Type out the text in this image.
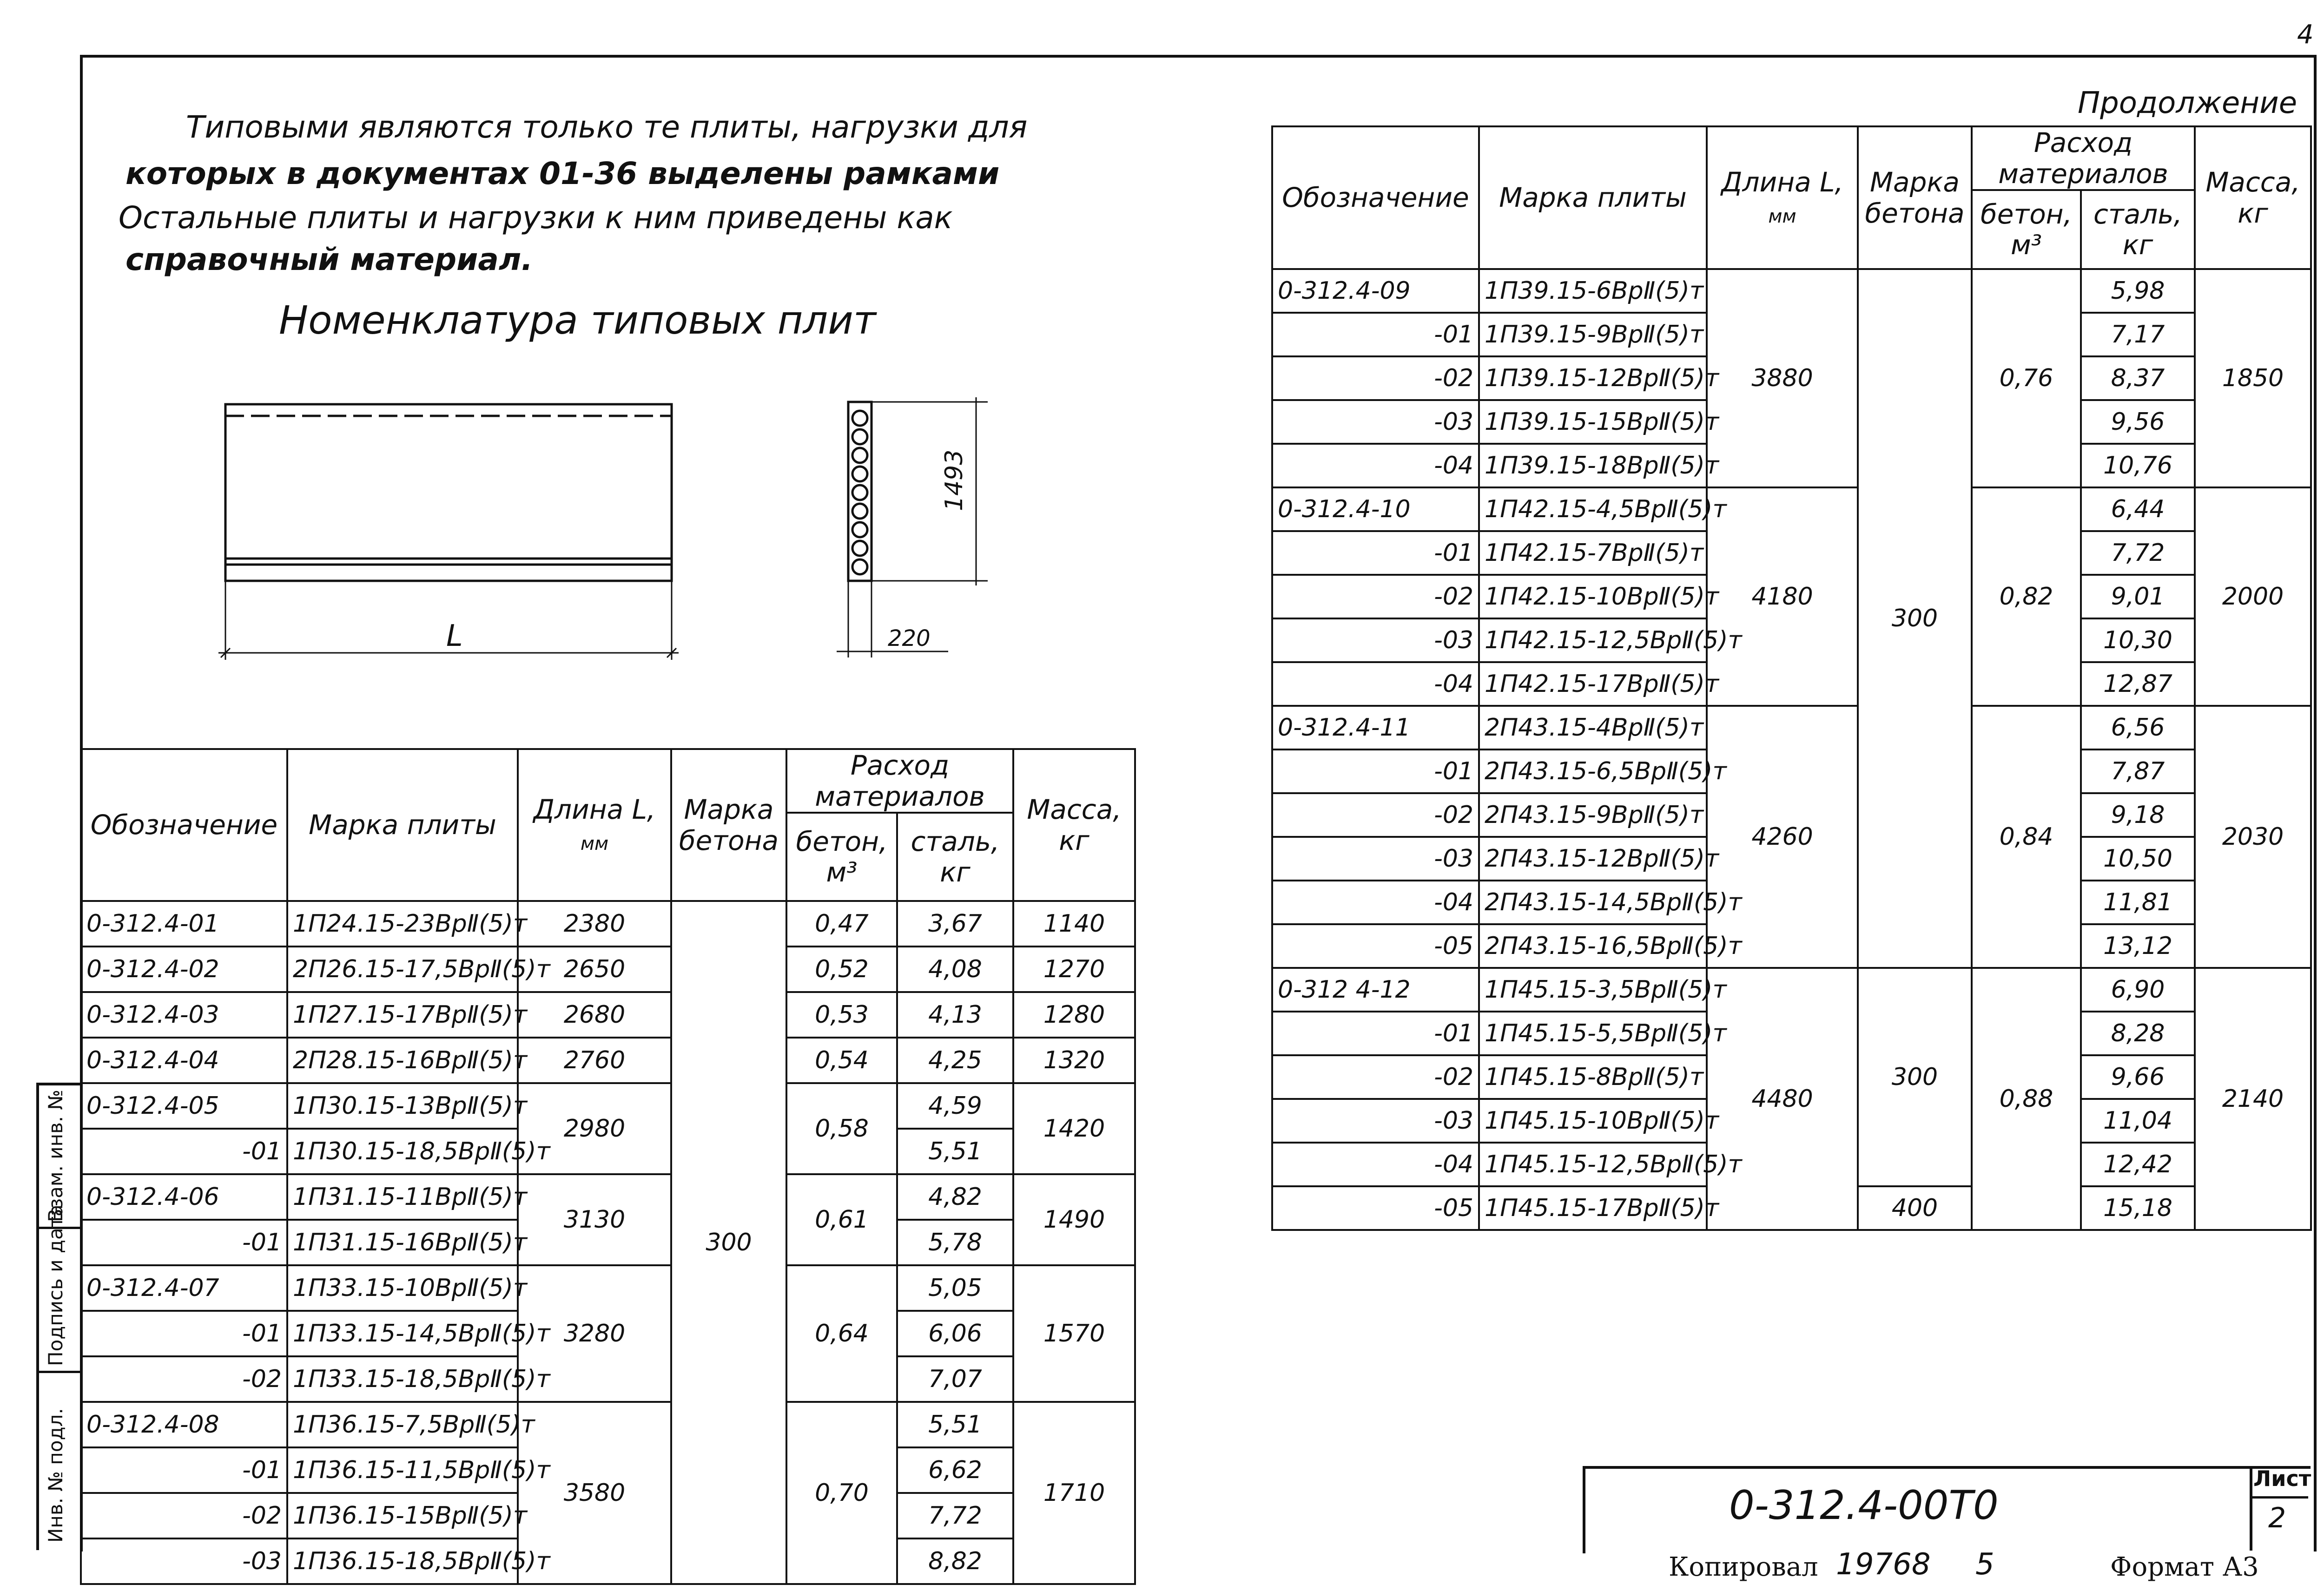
4
Типовыми являются только те плиты, нагрузки для
которых в документах 01-36 выделены рамками
Остальные плиты и нагрузки к ним приведены как
справочный материал.
Номенклатура типовых плит
L
1493
220
Обозначение	Марка плиты	Длина L,
мм	Марка бетона	Расход материалов		Масса, кг
				бетон, м³	сталь, кг	
0-312.4-01	1П24.15-23ВрⅡ(5)т	2380	300	0,47	3,67	1140
0-312.4-02	2П26.15-17,5ВрⅡ(5)т	2650		0,52	4,08	1270
0-312.4-03	1П27.15-17ВрⅡ(5)т	2680		0,53	4,13	1280
0-312.4-04	2П28.15-16ВрⅡ(5)т	2760		0,54	4,25	1320
0-312.4-05	1П30.15-13ВрⅡ(5)т	2980		0,58	4,59	1420
-01	1П30.15-18,5ВрⅡ(5)т				5,51	
0-312.4-06	1П31.15-11ВрⅡ(5)т	3130		0,61	4,82	1490
-01	1П31.15-16ВрⅡ(5)т				5,78	
0-312.4-07	1П33.15-10ВрⅡ(5)т	3280		0,64	5,05	1570
-01	1П33.15-14,5ВрⅡ(5)т				6,06	
-02	1П33.15-18,5ВрⅡ(5)т				7,07	
0-312.4-08	1П36.15-7,5ВрⅡ(5)т	3580		0,70	5,51	1710
-01	1П36.15-11,5ВрⅡ(5)т				6,62	
-02	1П36.15-15ВрⅡ(5)т				7,72	
-03	1П36.15-18,5ВрⅡ(5)т				8,82	
Продолжение
Обозначение	Марка плиты	Длина L,
мм	Марка бетона	Расход материалов		Масса, кг
				бетон, м³	сталь, кг	
0-312.4-09	1П39.15-6ВрⅡ(5)т	3880	300	0,76	5,98	1850
-01	1П39.15-9ВрⅡ(5)т				7,17	
-02	1П39.15-12ВрⅡ(5)т				8,37	
-03	1П39.15-15ВрⅡ(5)т				9,56	
-04	1П39.15-18ВрⅡ(5)т				10,76	
0-312.4-10	1П42.15-4,5ВрⅡ(5)т	4180		0,82	6,44	2000
-01	1П42.15-7ВрⅡ(5)т				7,72	
-02	1П42.15-10ВрⅡ(5)т				9,01	
-03	1П42.15-12,5ВрⅡ(5)т				10,30	
-04	1П42.15-17ВрⅡ(5)т				12,87	
0-312.4-11	2П43.15-4ВрⅡ(5)т	4260		0,84	6,56	2030
-01	2П43.15-6,5ВрⅡ(5)т				7,87	
-02	2П43.15-9ВрⅡ(5)т				9,18	
-03	2П43.15-12ВрⅡ(5)т				10,50	
-04	2П43.15-14,5ВрⅡ(5)т				11,81	
-05	2П43.15-16,5ВрⅡ(5)т				13,12	
0-312 4-12	1П45.15-3,5ВрⅡ(5)т	4480	300	0,88	6,90	2140
-01	1П45.15-5,5ВрⅡ(5)т				8,28	
-02	1П45.15-8ВрⅡ(5)т				9,66	
-03	1П45.15-10ВрⅡ(5)т				11,04	
-04	1П45.15-12,5ВрⅡ(5)т				12,42	
-05	1П45.15-17ВрⅡ(5)т		400		15,18	
0-312.4-00Т0
Лист
2
Копировал 19768 5	Формат А3
Взам. инв. №
Подпись и дата
Инв. № подл.
